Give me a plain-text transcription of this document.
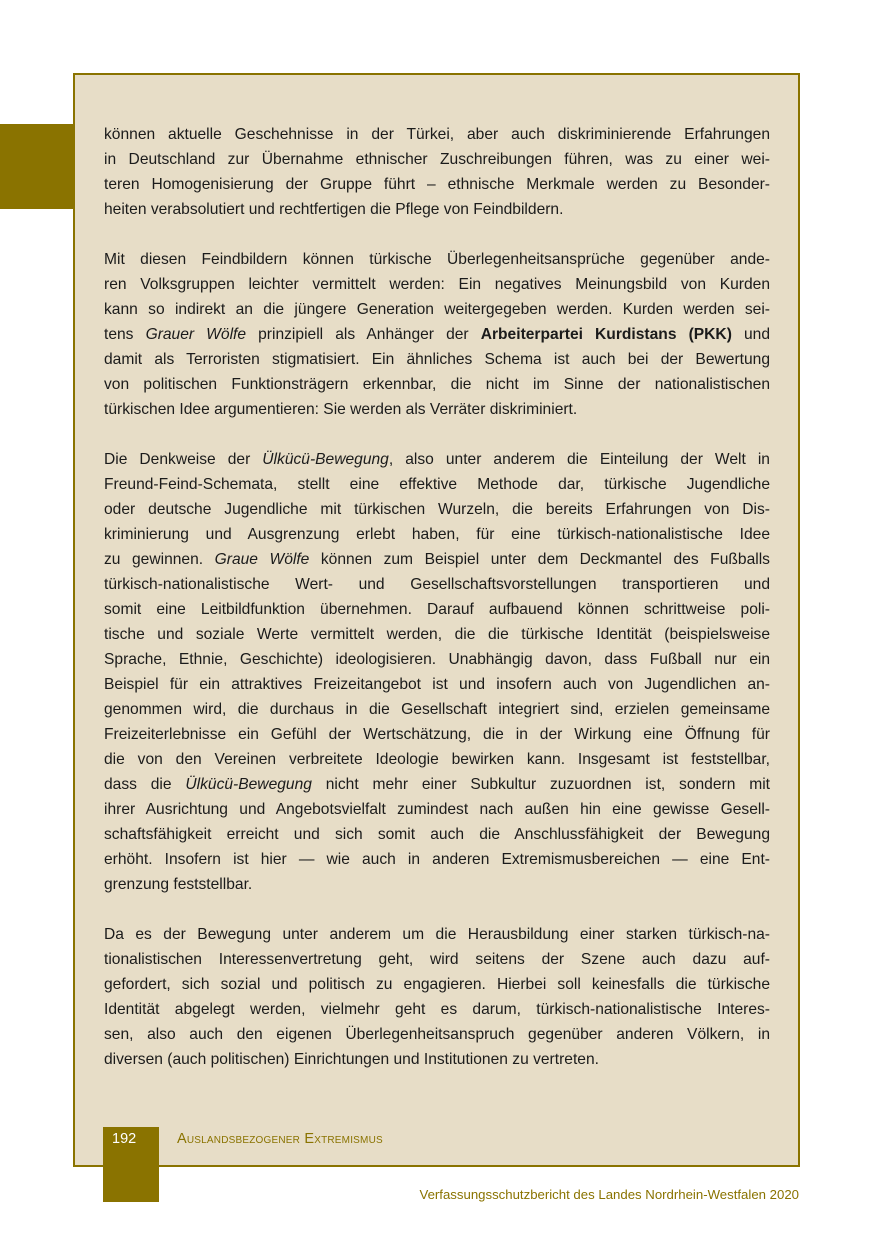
können aktuelle Geschehnisse in der Türkei, aber auch diskriminierende Erfahrungen
in Deutschland zur Übernahme ethnischer Zuschreibungen führen, was zu einer wei-
teren Homogenisierung der Gruppe führt – ethnische Merkmale werden zu Besonder-
heiten verabsolutiert und rechtfertigen die Pflege von Feindbildern.

Mit diesen Feindbildern können türkische Überlegenheitsansprüche gegenüber ande-
ren Volksgruppen leichter vermittelt werden: Ein negatives Meinungsbild von Kurden
kann so indirekt an die jüngere Generation weitergegeben werden. Kurden werden sei-
tens Grauer Wölfe prinzipiell als Anhänger der Arbeiterpartei Kurdistans (PKK) und
damit als Terroristen stigmatisiert. Ein ähnliches Schema ist auch bei der Bewertung
von politischen Funktionsträgern erkennbar, die nicht im Sinne der nationalistischen
türkischen Idee argumentieren: Sie werden als Verräter diskriminiert.

Die Denkweise der Ülkücü-Bewegung, also unter anderem die Einteilung der Welt in
Freund-Feind-Schemata, stellt eine effektive Methode dar, türkische Jugendliche
oder deutsche Jugendliche mit türkischen Wurzeln, die bereits Erfahrungen von Dis-
kriminierung und Ausgrenzung erlebt haben, für eine türkisch-nationalistische Idee
zu gewinnen. Graue Wölfe können zum Beispiel unter dem Deckmantel des Fußballs
türkisch-nationalistische Wert- und Gesellschaftsvorstellungen transportieren und
somit eine Leitbildfunktion übernehmen. Darauf aufbauend können schrittweise poli-
tische und soziale Werte vermittelt werden, die die türkische Identität (beispielsweise
Sprache, Ethnie, Geschichte) ideologisieren. Unabhängig davon, dass Fußball nur ein
Beispiel für ein attraktives Freizeitangebot ist und insofern auch von Jugendlichen an-
genommen wird, die durchaus in die Gesellschaft integriert sind, erzielen gemeinsame
Freizeiterlebnisse ein Gefühl der Wertschätzung, die in der Wirkung eine Öffnung für
die von den Vereinen verbreitete Ideologie bewirken kann. Insgesamt ist feststellbar,
dass die Ülkücü-Bewegung nicht mehr einer Subkultur zuzuordnen ist, sondern mit
ihrer Ausrichtung und Angebotsvielfalt zumindest nach außen hin eine gewisse Gesell-
schaftsfähigkeit erreicht und sich somit auch die Anschlussfähigkeit der Bewegung
erhöht. Insofern ist hier — wie auch in anderen Extremismusbereichen — eine Ent-
grenzung feststellbar.

Da es der Bewegung unter anderem um die Herausbildung einer starken türkisch-na-
tionalistischen Interessenvertretung geht, wird seitens der Szene auch dazu auf-
gefordert, sich sozial und politisch zu engagieren. Hierbei soll keinesfalls die türkische
Identität abgelegt werden, vielmehr geht es darum, türkisch-nationalistische Interes-
sen, also auch den eigenen Überlegenheitsanspruch gegenüber anderen Völkern, in
diversen (auch politischen) Einrichtungen und Institutionen zu vertreten.

192	Auslandsbezogener Extremismus
Verfassungsschutzbericht des Landes Nordrhein-Westfalen 2020
